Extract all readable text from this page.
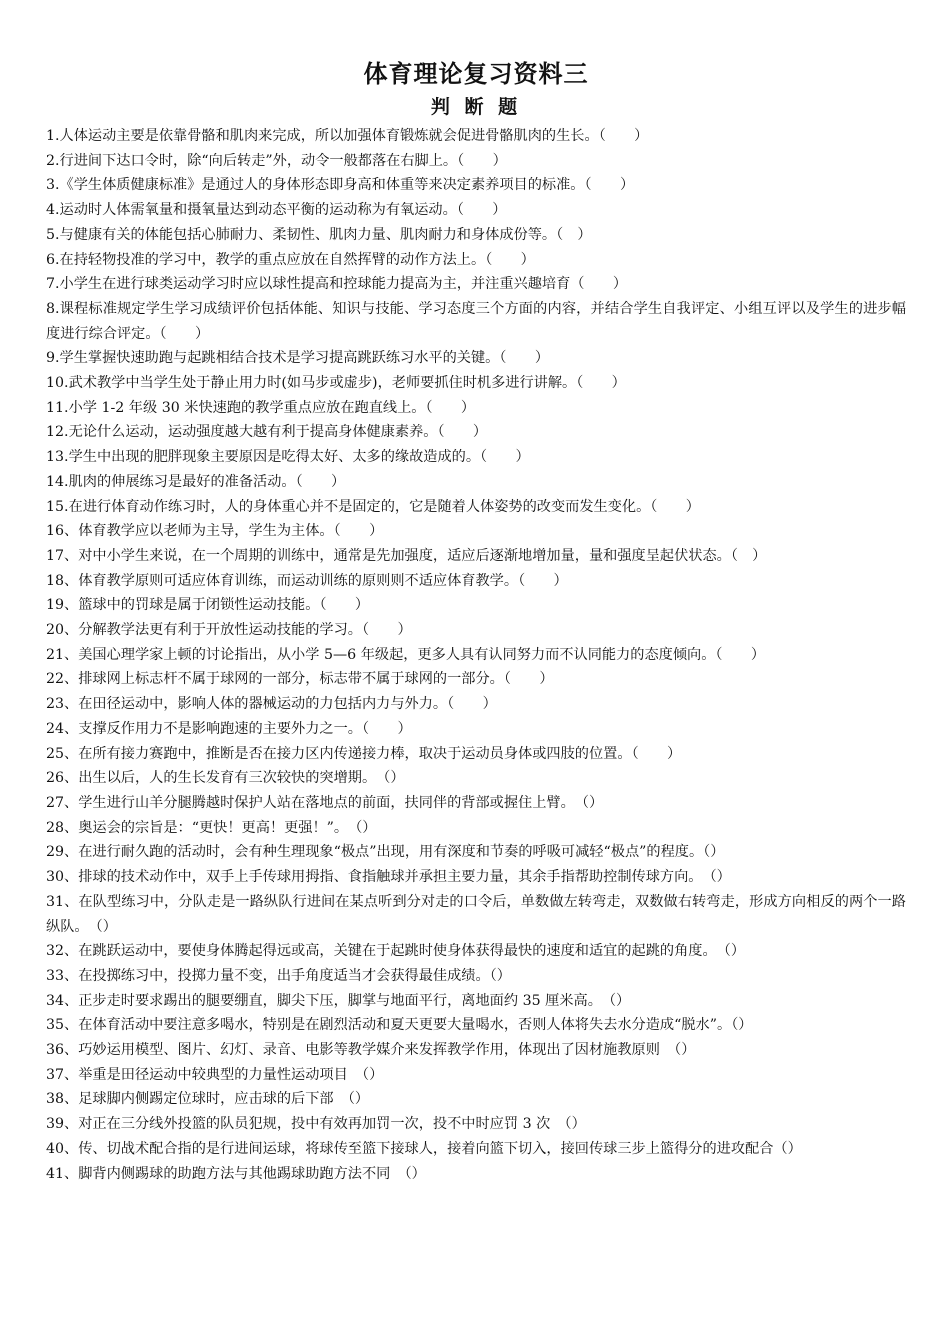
体育理论复习资料三
判 断 题
1.人体运动主要是依靠骨骼和肌肉来完成，所以加强体育锻炼就会促进骨骼肌肉的生长。（　　）
2.行进间下达口令时，除“向后转走”外，动令一般都落在右脚上。（　　）
3.《学生体质健康标准》是通过人的身体形态即身高和体重等来决定素养项目的标准。（　　）
4.运动时人体需氧量和摄氧量达到动态平衡的运动称为有氧运动。（　　）
5.与健康有关的体能包括心肺耐力、柔韧性、肌肉力量、肌肉耐力和身体成份等。（　）
6.在持轻物投准的学习中，教学的重点应放在自然挥臂的动作方法上。（　　）
7.小学生在进行球类运动学习时应以球性提高和控球能力提高为主，并注重兴趣培育（　　）
8.课程标准规定学生学习成绩评价包括体能、知识与技能、学习态度三个方面的内容，并结合学生自我评定、小组互评以及学生的进步幅度进行综合评定。（　　）
9.学生掌握快速助跑与起跳相结合技术是学习提高跳跃练习水平的关键。（　　）
10.武术教学中当学生处于静止用力时(如马步或虚步)，老师要抓住时机多进行讲解。（　　）
11.小学 1-2 年级 30 米快速跑的教学重点应放在跑直线上。（　　）
12.无论什么运动，运动强度越大越有利于提高身体健康素养。（　　）
13.学生中出现的肥胖现象主要原因是吃得太好、太多的缘故造成的。（　　）
14.肌肉的伸展练习是最好的准备活动。（　　）
15.在进行体育动作练习时，人的身体重心并不是固定的，它是随着人体姿势的改变而发生变化。（　　）
16、体育教学应以老师为主导，学生为主体。（　　）
17、对中小学生来说，在一个周期的训练中，通常是先加强度，适应后逐渐地增加量，量和强度呈起伏状态。（　）
18、体育教学原则可适应体育训练，而运动训练的原则则不适应体育教学。（　　）
19、篮球中的罚球是属于闭锁性运动技能。（　　）
20、分解教学法更有利于开放性运动技能的学习。（　　）
21、美国心理学家上顿的讨论指出，从小学 5—6 年级起，更多人具有认同努力而不认同能力的态度倾向。（　　）
22、排球网上标志杆不属于球网的一部分，标志带不属于球网的一部分。（　　）
23、在田径运动中，影响人体的器械运动的力包括内力与外力。（　　）
24、支撑反作用力不是影响跑速的主要外力之一。（　　）
25、在所有接力赛跑中，推断是否在接力区内传递接力棒，取决于运动员身体或四肢的位置。（　　）
26、出生以后，人的生长发育有三次较快的突增期。　（）
27、学生进行山羊分腿腾越时保护人站在落地点的前面，扶同伴的背部或握住上臂。　（）
28、奥运会的宗旨是：“更快！更高！更强！”。　（）
29、在进行耐久跑的活动时，会有种生理现象“极点”出现，用有深度和节奏的呼吸可减轻“极点”的程度。（）
30、排球的技术动作中，双手上手传球用拇指、食指触球并承担主要力量，其余手指帮助控制传球方向。　（）
31、在队型练习中，分队走是一路纵队行进间在某点听到分对走的口令后，单数做左转弯走，双数做右转弯走，形成方向相反的两个一路纵队。　（）
32、在跳跃运动中，要使身体腾起得远或高，关键在于起跳时使身体获得最快的速度和适宜的起跳的角度。　（）
33、在投掷练习中，投掷力量不变，出手角度适当才会获得最佳成绩。（）
34、正步走时要求踢出的腿要绷直，脚尖下压，脚掌与地面平行，离地面约 35 厘米高。　（）
35、在体育活动中要注意多喝水，特别是在剧烈活动和夏天更要大量喝水，否则人体将失去水分造成“脱水”。（）
36、巧妙运用模型、图片、幻灯、录音、电影等教学媒介来发挥教学作用，体现出了因材施教原则　（）
37、举重是田径运动中较典型的力量性运动项目　（）
38、足球脚内侧踢定位球时，应击球的后下部　（）
39、对正在三分线外投篮的队员犯规，投中有效再加罚一次，投不中时应罚 3 次　（）
40、传、切战术配合指的是行进间运球，将球传至篮下接球人，接着向篮下切入，接回传球三步上篮得分的进攻配合（）
41、脚背内侧踢球的助跑方法与其他踢球助跑方法不同　（）
